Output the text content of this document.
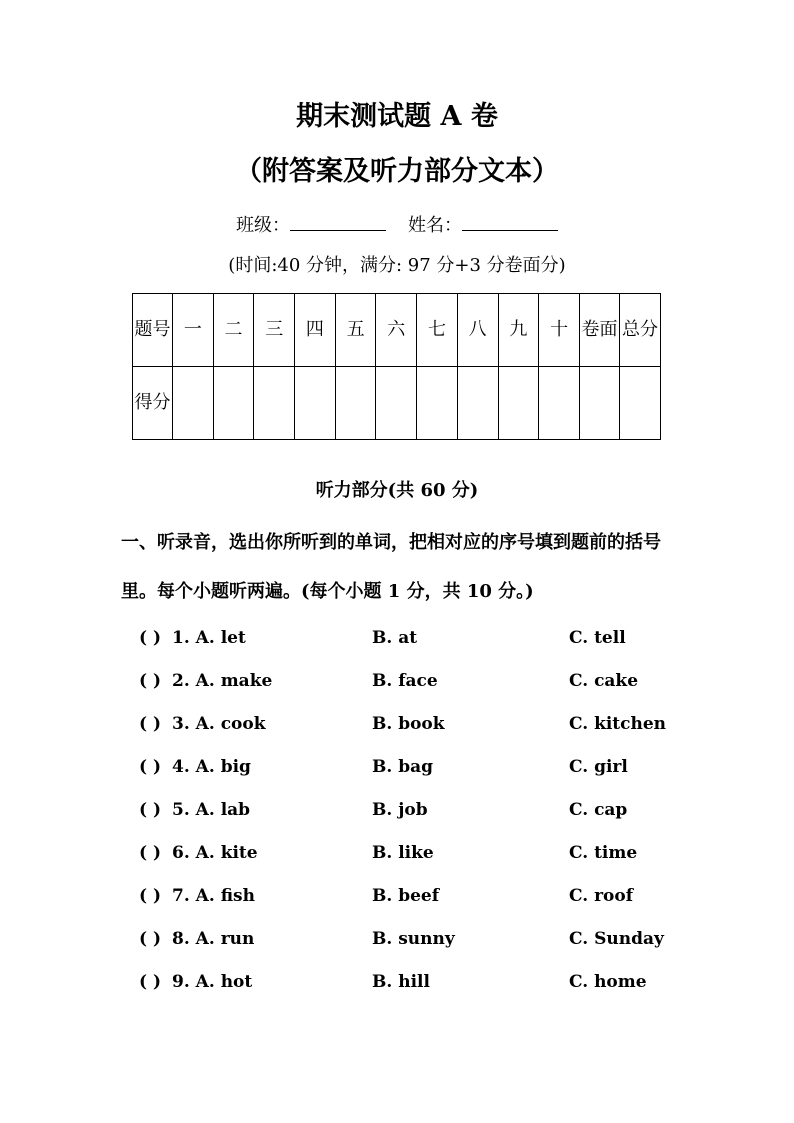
期末测试题 A 卷
（附答案及听力部分文本）
班级：	姓名：
(时间:40 分钟，满分: 97 分+3 分卷面分)
题号	一	二	三	四	五	六	七	八	九	十	卷面	总分
得分												
听力部分(共 60 分)
一、听录音，选出你所听到的单词，把相对应的序号填到题前的括号
里。每个小题听两遍。(每个小题 1 分，共 10 分。)
( ) 1. A. let	B. at	C. tell
( ) 2. A. make	B. face	C. cake
( ) 3. A. cook	B. book	C. kitchen
( ) 4. A. big	B. bag	C. girl
( ) 5. A. lab	B. job	C. cap
( ) 6. A. kite	B. like	C. time
( ) 7. A. fish	B. beef	C. roof
( ) 8. A. run	B. sunny	C. Sunday
( ) 9. A. hot	B. hill	C. home
